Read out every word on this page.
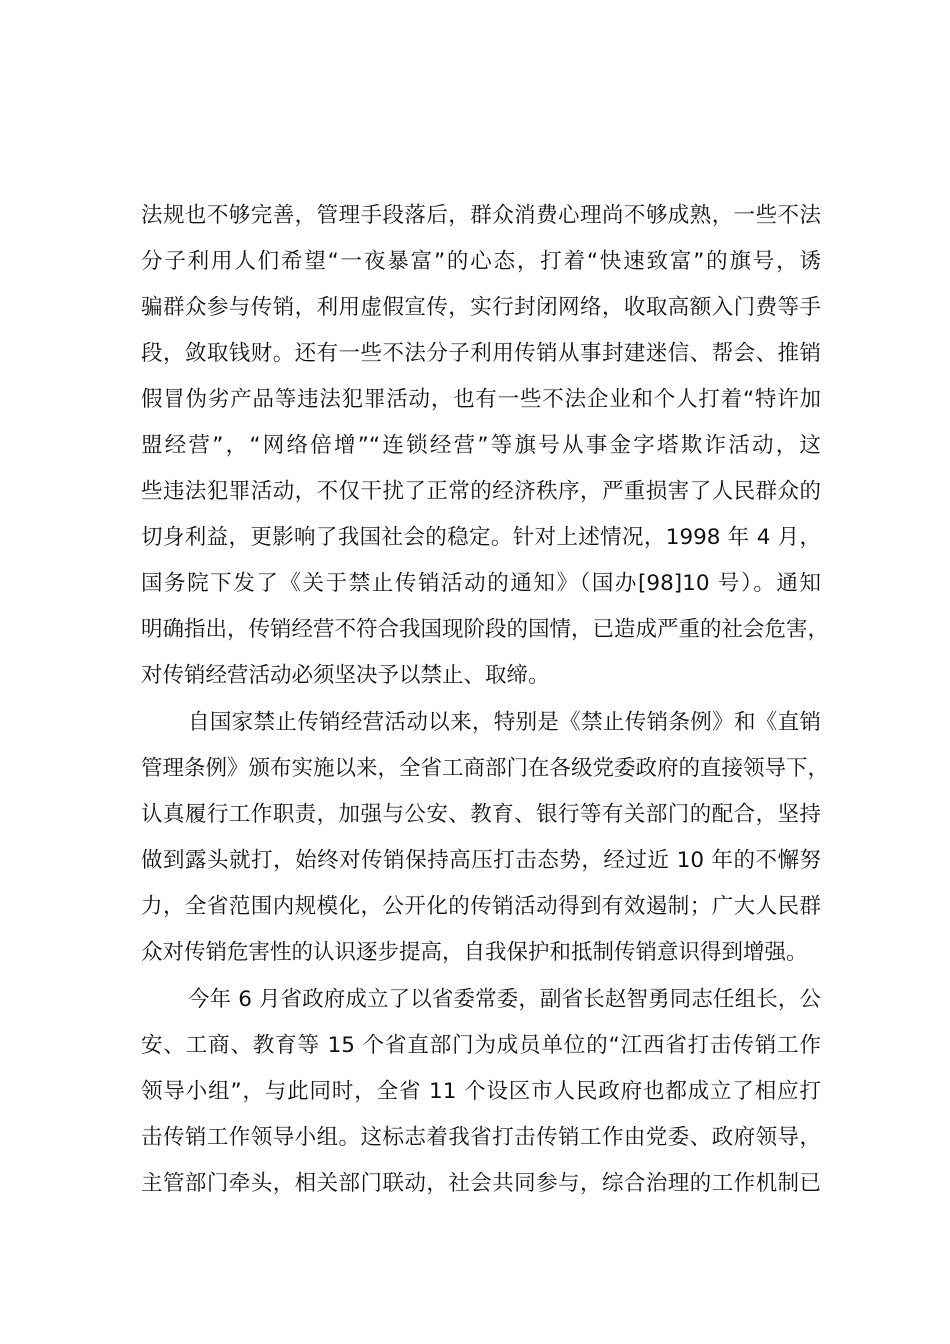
法规也不够完善，管理手段落后，群众消费心理尚不够成熟，一些不法
分子利用人们希望“一夜暴富”的心态，打着“快速致富”的旗号，诱
骗群众参与传销，利用虚假宣传，实行封闭网络，收取高额入门费等手
段，敛取钱财。还有一些不法分子利用传销从事封建迷信、帮会、推销
假冒伪劣产品等违法犯罪活动，也有一些不法企业和个人打着“特许加
盟经营”，“网络倍增”“连锁经营”等旗号从事金字塔欺诈活动，这
些违法犯罪活动，不仅干扰了正常的经济秩序，严重损害了人民群众的
切身利益，更影响了我国社会的稳定。针对上述情况，1998 年 4 月，
国务院下发了《关于禁止传销活动的通知》（国办[98]10 号）。通知
明确指出，传销经营不符合我国现阶段的国情，已造成严重的社会危害，
对传销经营活动必须坚决予以禁止、取缔。
自国家禁止传销经营活动以来，特别是《禁止传销条例》和《直销
管理条例》颁布实施以来，全省工商部门在各级党委政府的直接领导下，
认真履行工作职责，加强与公安、教育、银行等有关部门的配合，坚持
做到露头就打，始终对传销保持高压打击态势，经过近 10 年的不懈努
力，全省范围内规模化，公开化的传销活动得到有效遏制；广大人民群
众对传销危害性的认识逐步提高，自我保护和抵制传销意识得到增强。
今年 6 月省政府成立了以省委常委，副省长赵智勇同志任组长，公
安、工商、教育等 15 个省直部门为成员单位的“江西省打击传销工作
领导小组”，与此同时，全省 11 个设区市人民政府也都成立了相应打
击传销工作领导小组。这标志着我省打击传销工作由党委、政府领导，
主管部门牵头，相关部门联动，社会共同参与，综合治理的工作机制已
